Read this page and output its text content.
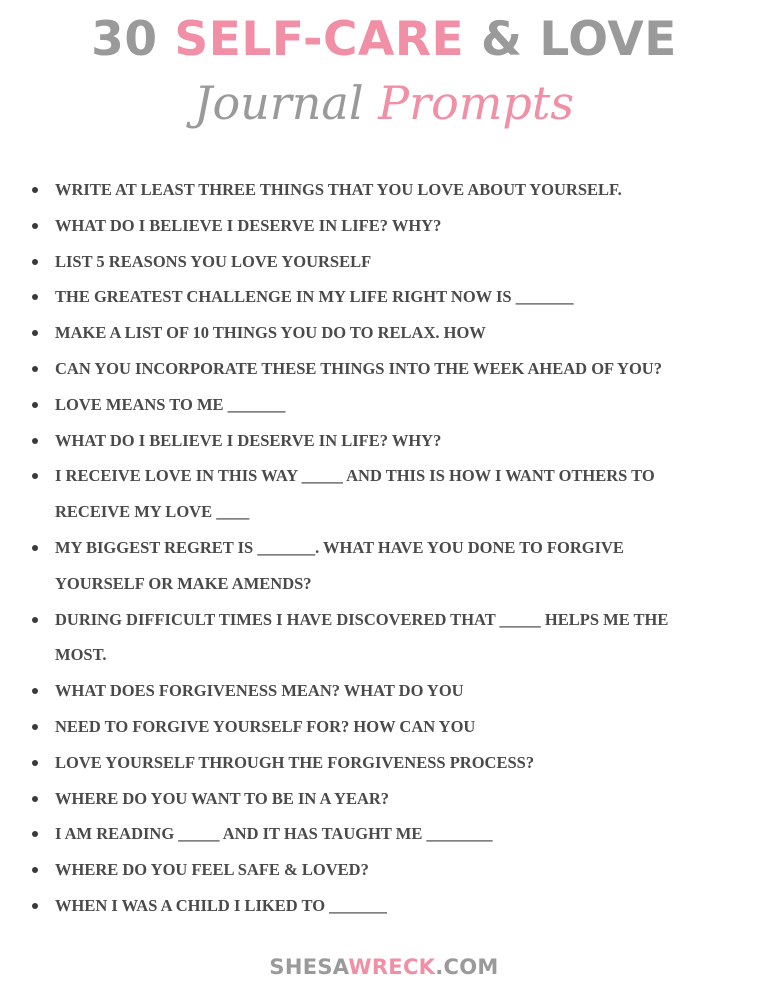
30 SELF-CARE & LOVE
Journal Prompts
WRITE AT LEAST THREE THINGS THAT YOU LOVE ABOUT YOURSELF.
WHAT DO I BELIEVE I DESERVE IN LIFE? WHY?
LIST 5 REASONS YOU LOVE YOURSELF
THE GREATEST CHALLENGE IN MY LIFE RIGHT NOW IS _______
MAKE A LIST OF 10 THINGS YOU DO TO RELAX. HOW
CAN YOU INCORPORATE THESE THINGS INTO THE WEEK AHEAD OF YOU?
LOVE MEANS TO ME _______
WHAT DO I BELIEVE I DESERVE IN LIFE? WHY?
I RECEIVE LOVE IN THIS WAY _____ AND THIS IS HOW I WANT OTHERS TO
RECEIVE MY LOVE ____
MY BIGGEST REGRET IS _______. WHAT HAVE YOU DONE TO FORGIVE
YOURSELF OR MAKE AMENDS?
DURING DIFFICULT TIMES I HAVE DISCOVERED THAT _____ HELPS ME THE
MOST.
WHAT DOES FORGIVENESS MEAN? WHAT DO YOU
NEED TO FORGIVE YOURSELF FOR? HOW CAN YOU
LOVE YOURSELF THROUGH THE FORGIVENESS PROCESS?
WHERE DO YOU WANT TO BE IN A YEAR?
I AM READING _____ AND IT HAS TAUGHT ME ________
WHERE DO YOU FEEL SAFE & LOVED?
WHEN I WAS A CHILD I LIKED TO _______
SHESAWRECK.COM
